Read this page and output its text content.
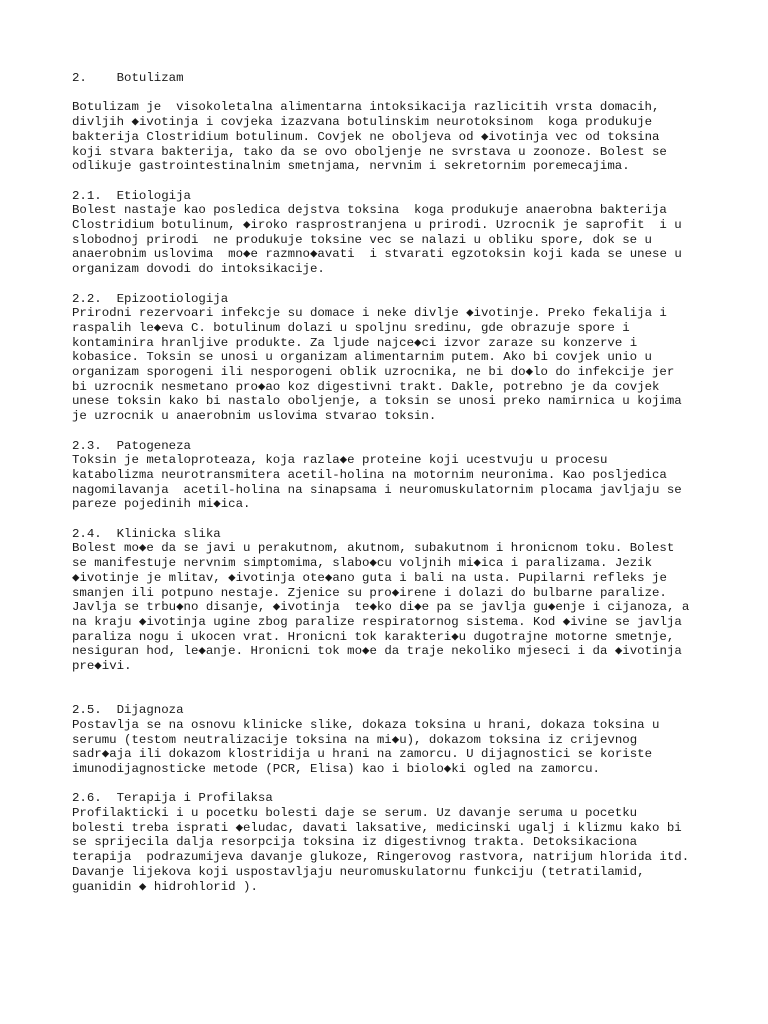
2. Botulizam
Botulizam je  visokoletalna alimentarna intoksikacija razlicitih vrsta domacih,
divljih ◆ivotinja i covjeka izazvana botulinskim neurotoksinom  koga produkuje
bakterija Clostridium botulinum. Covjek ne oboljeva od ◆ivotinja vec od toksina
koji stvara bakterija, tako da se ovo oboljenje ne svrstava u zoonoze. Bolest se
odlikuje gastrointestinalnim smetnjama, nervnim i sekretornim poremecajima.
2.1.  Etiologija
Bolest nastaje kao posledica dejstva toksina  koga produkuje anaerobna bakterija
Clostridium botulinum, ◆iroko rasprostranjena u prirodi. Uzrocnik je saprofit  i u
slobodnoj prirodi  ne produkuje toksine vec se nalazi u obliku spore, dok se u
anaerobnim uslovima  mo◆e razmno◆avati  i stvarati egzotoksin koji kada se unese u
organizam dovodi do intoksikacije.
2.2.  Epizootiologija
Prirodni rezervoari infekcje su domace i neke divlje ◆ivotinje. Preko fekalija i
raspalih le◆eva C. botulinum dolazi u spoljnu sredinu, gde obrazuje spore i
kontaminira hranljive produkte. Za ljude najce◆ci izvor zaraze su konzerve i
kobasice. Toksin se unosi u organizam alimentarnim putem. Ako bi covjek unio u
organizam sporogeni ili nesporogeni oblik uzrocnika, ne bi do◆lo do infekcije jer
bi uzrocnik nesmetano pro◆ao koz digestivni trakt. Dakle, potrebno je da covjek
unese toksin kako bi nastalo oboljenje, a toksin se unosi preko namirnica u kojima
je uzrocnik u anaerobnim uslovima stvarao toksin.
2.3.  Patogeneza
Toksin je metaloproteaza, koja razla◆e proteine koji ucestvuju u procesu
katabolizma neurotransmitera acetil-holina na motornim neuronima. Kao posljedica
nagomilavanja  acetil-holina na sinapsama i neuromuskulatornim plocama javljaju se
pareze pojedinih mi◆ica.
2.4.  Klinicka slika
Bolest mo◆e da se javi u perakutnom, akutnom, subakutnom i hronicnom toku. Bolest
se manifestuje nervnim simptomima, slabo◆cu voljnih mi◆ica i paralizama. Jezik
◆ivotinje je mlitav, ◆ivotinja ote◆ano guta i bali na usta. Pupilarni refleks je
smanjen ili potpuno nestaje. Zjenice su pro◆irene i dolazi do bulbarne paralize.
Javlja se trbu◆no disanje, ◆ivotinja  te◆ko di◆e pa se javlja gu◆enje i cijanoza, a
na kraju ◆ivotinja ugine zbog paralize respiratornog sistema. Kod ◆ivine se javlja
paraliza nogu i ukocen vrat. Hronicni tok karakteri◆u dugotrajne motorne smetnje,
nesiguran hod, le◆anje. Hronicni tok mo◆e da traje nekoliko mjeseci i da ◆ivotinja
pre◆ivi.
2.5.  Dijagnoza
Postavlja se na osnovu klinicke slike, dokaza toksina u hrani, dokaza toksina u
serumu (testom neutralizacije toksina na mi◆u), dokazom toksina iz crijevnog
sadr◆aja ili dokazom klostridija u hrani na zamorcu. U dijagnostici se koriste
imunodijagnosticke metode (PCR, Elisa) kao i biolo◆ki ogled na zamorcu.
2.6.  Terapija i Profilaksa
Profilakticki i u pocetku bolesti daje se serum. Uz davanje seruma u pocetku
bolesti treba isprati ◆eludac, davati laksative, medicinski ugalj i klizmu kako bi
se sprijecila dalja resorpcija toksina iz digestivnog trakta. Detoksikaciona
terapija  podrazumijeva davanje glukoze, Ringerovog rastvora, natrijum hlorida itd.
Davanje lijekova koji uspostavljaju neuromuskulatornu funkciju (tetratilamid,
guanidin ◆ hidrohlorid ).
